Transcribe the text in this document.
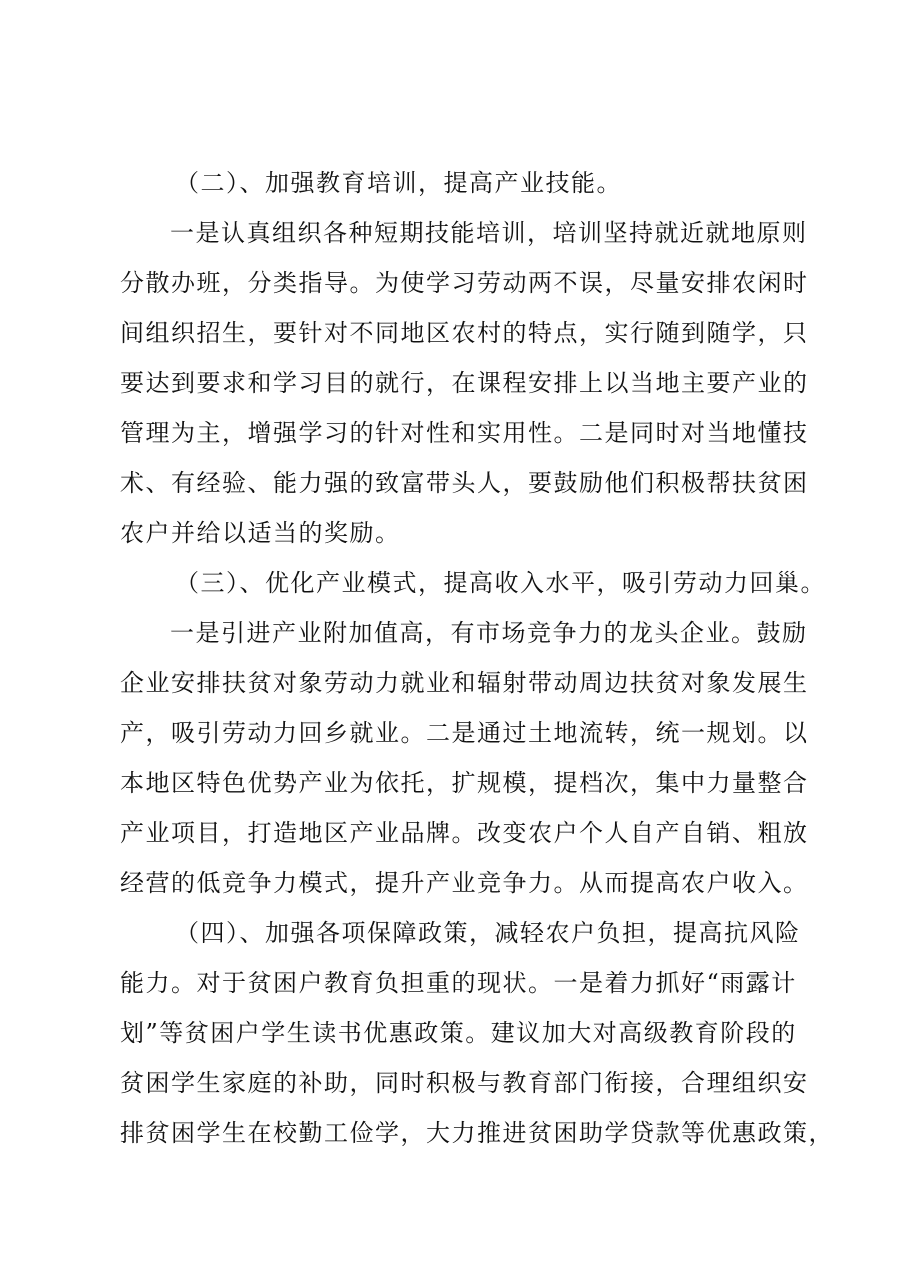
（二）、加强教育培训，提高产业技能。
一是认真组织各种短期技能培训，培训坚持就近就地原则
分散办班，分类指导。为使学习劳动两不误，尽量安排农闲时
间组织招生，要针对不同地区农村的特点，实行随到随学，只
要达到要求和学习目的就行，在课程安排上以当地主要产业的
管理为主，增强学习的针对性和实用性。二是同时对当地懂技
术、有经验、能力强的致富带头人，要鼓励他们积极帮扶贫困
农户并给以适当的奖励。
（三）、优化产业模式，提高收入水平，吸引劳动力回巢。
一是引进产业附加值高，有市场竞争力的龙头企业。鼓励
企业安排扶贫对象劳动力就业和辐射带动周边扶贫对象发展生
产，吸引劳动力回乡就业。二是通过土地流转，统一规划。以
本地区特色优势产业为依托，扩规模，提档次，集中力量整合
产业项目，打造地区产业品牌。改变农户个人自产自销、粗放
经营的低竞争力模式，提升产业竞争力。从而提高农户收入。
（四）、加强各项保障政策，减轻农户负担，提高抗风险
能力。对于贫困户教育负担重的现状。一是着力抓好“雨露计
划”等贫困户学生读书优惠政策。建议加大对高级教育阶段的
贫困学生家庭的补助，同时积极与教育部门衔接，合理组织安
排贫困学生在校勤工俭学，大力推进贫困助学贷款等优惠政策，
